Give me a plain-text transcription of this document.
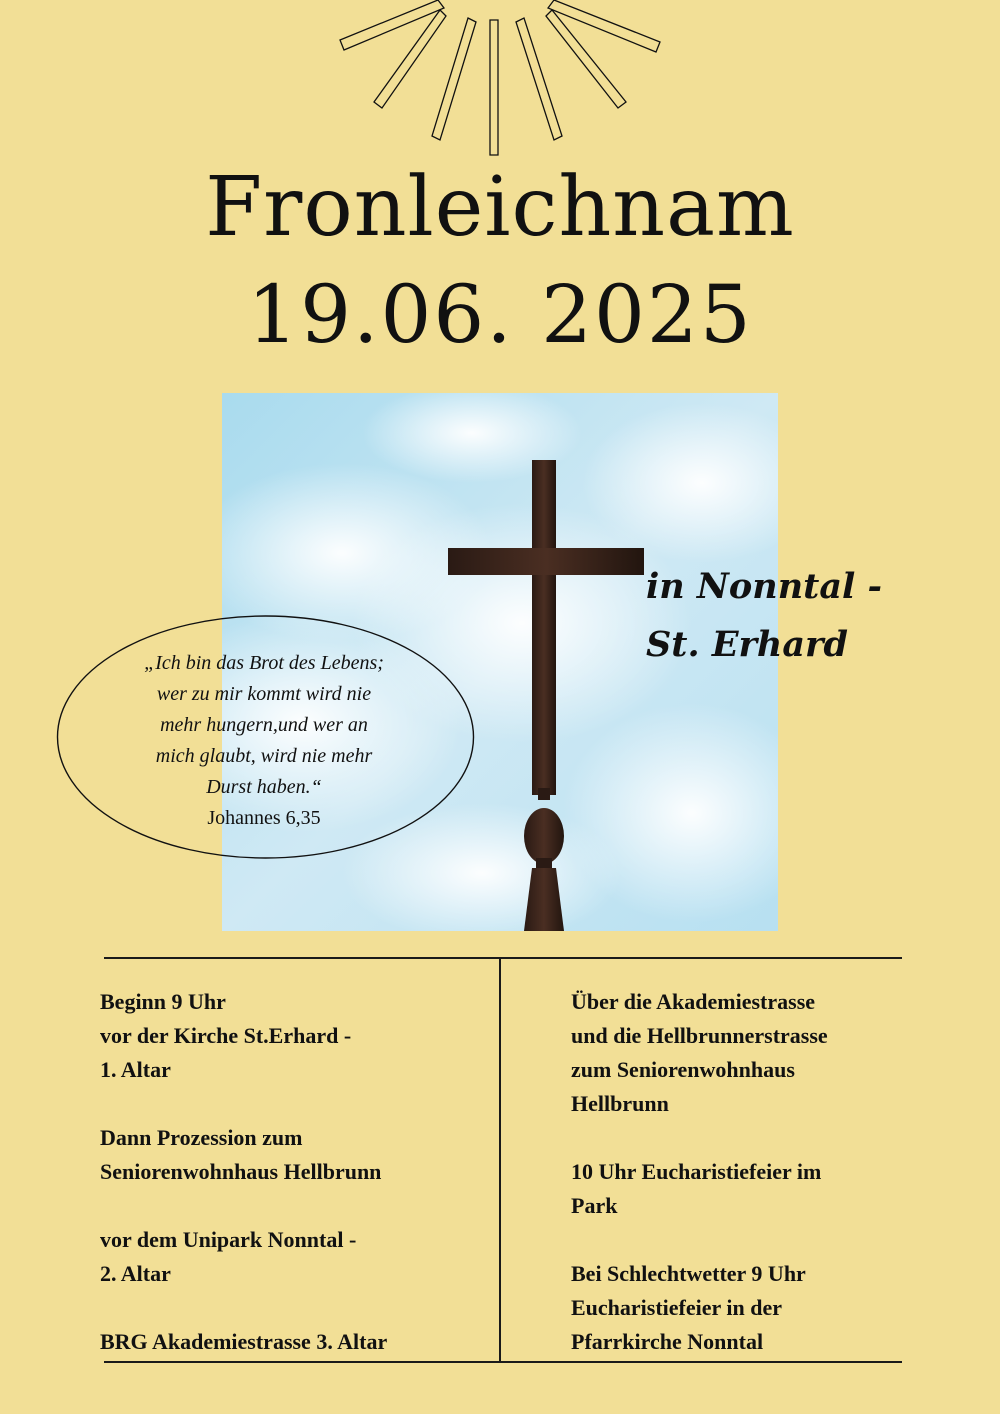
Fronleichnam
19.06. 2025
in Nonntal -
St. Erhard
„Ich bin das Brot des Lebens;
wer zu mir kommt wird nie
mehr hungern,und wer an
mich glaubt, wird nie mehr
Durst haben.“
Johannes 6,35

Beginn 9 Uhr
vor der Kirche St.Erhard -
1. Altar

Dann Prozession zum
Seniorenwohnhaus Hellbrunn

vor dem Unipark Nonntal -
2. Altar

BRG Akademiestrasse 3. Altar

Über die Akademiestrasse
und die Hellbrunnerstrasse
zum Seniorenwohnhaus
Hellbrunn

10 Uhr Eucharistiefeier im
Park

Bei Schlechtwetter 9 Uhr
Eucharistiefeier in der
Pfarrkirche Nonntal
